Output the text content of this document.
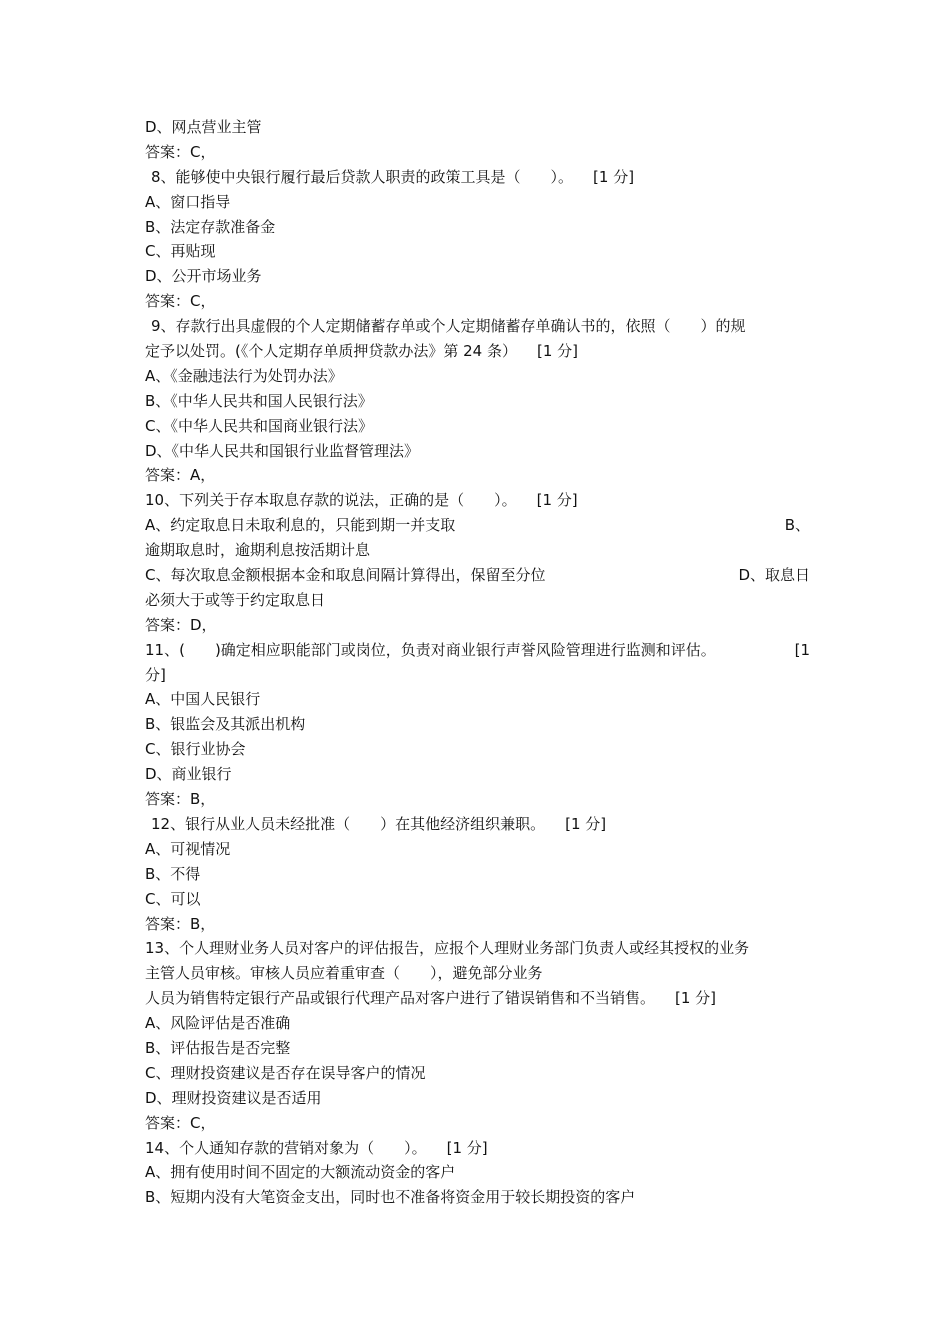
D、网点营业主管
答案：C，
8、能够使中央银行履行最后贷款人职责的政策工具是（　　）。 [1 分]
A、窗口指导
B、法定存款准备金
C、再贴现
D、公开市场业务
答案：C，
9、存款行出具虚假的个人定期储蓄存单或个人定期储蓄存单确认书的，依照（　　）的规
定予以处罚。(《个人定期存单质押贷款办法》第 24 条） [1 分]
A、《金融违法行为处罚办法》
B、《中华人民共和国人民银行法》
C、《中华人民共和国商业银行法》
D、《中华人民共和国银行业监督管理法》
答案：A，
10、下列关于存本取息存款的说法，正确的是（　　）。 [1 分]
A、约定取息日未取利息的，只能到期一并支取	B、
逾期取息时，逾期利息按活期计息
C、每次取息金额根据本金和取息间隔计算得出，保留至分位	D、取息日
必须大于或等于约定取息日
答案：D，
11、(　　)确定相应职能部门或岗位，负责对商业银行声誉风险管理进行监测和评估。	[1
分]
A、中国人民银行
B、银监会及其派出机构
C、银行业协会
D、商业银行
答案：B，
12、银行从业人员未经批准（　　）在其他经济组织兼职。 [1 分]
A、可视情况
B、不得
C、可以
答案：B，
13、个人理财业务人员对客户的评估报告，应报个人理财业务部门负责人或经其授权的业务
主管人员审核。审核人员应着重审查（　　），避免部分业务
人员为销售特定银行产品或银行代理产品对客户进行了错误销售和不当销售。 [1 分]
A、风险评估是否准确
B、评估报告是否完整
C、理财投资建议是否存在误导客户的情况
D、理财投资建议是否适用
答案：C，
14、个人通知存款的营销对象为（　　）。 [1 分]
A、拥有使用时间不固定的大额流动资金的客户
B、短期内没有大笔资金支出，同时也不准备将资金用于较长期投资的客户
